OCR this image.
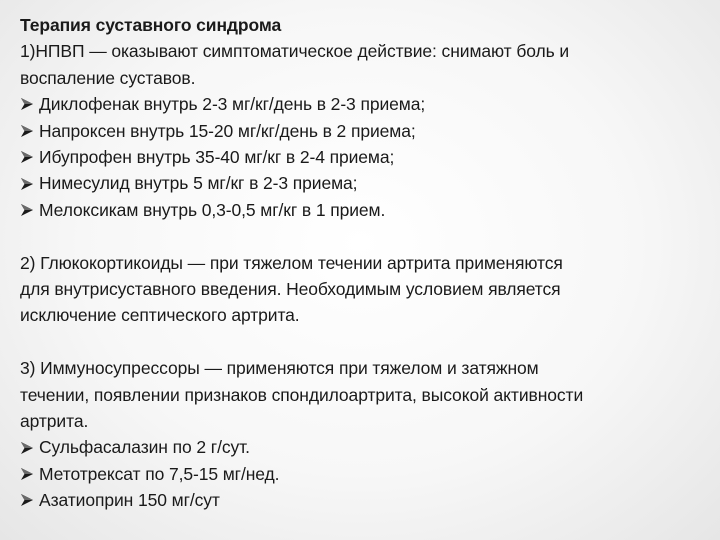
Терапия суставного синдрома
1)НПВП — оказывают симптоматическое действие: снимают боль и
воспаление суставов.
Диклофенак внутрь 2-3 мг/кг/день в 2-3 приема;
Напроксен внутрь 15-20 мг/кг/день в 2 приема;
Ибупрофен внутрь 35-40 мг/кг в 2-4 приема;
Нимесулид внутрь 5 мг/кг в 2-3 приема;
Мелоксикам внутрь 0,3-0,5 мг/кг в 1 прием.
2) Глюкокортикоиды — при тяжелом течении артрита применяются
для внутрисуставного введения. Необходимым условием является
исключение септического артрита.
3) Иммуносупрессоры — применяются при тяжелом и затяжном
течении, появлении признаков спондилоартрита, высокой активности
артрита.
Сульфасалазин по 2 г/сут.
Метотрексат по 7,5-15 мг/нед.
Азатиоприн 150 мг/сут
